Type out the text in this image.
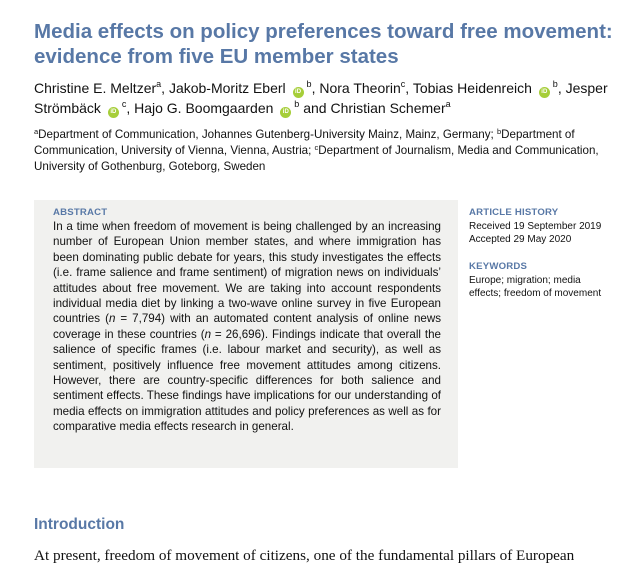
Media effects on policy preferences toward free movement: evidence from five EU member states
Christine E. Meltzer$^a$, Jakob-Moritz Eberl $iD^b$, Nora Theorin$^c$, Tobias Heidenreich $iD^b$, Jesper Strömbäck $iD^c$, Hajo G. Boomgaarden $iD^b$ and Christian Schemer$^a$
$^a$Department of Communication, Johannes Gutenberg-University Mainz, Mainz, Germany; $^b$Department of Communication, University of Vienna, Vienna, Austria; $^c$Department of Journalism, Media and Communication, University of Gothenburg, Goteborg, Sweden
ABSTRACT

In a time when freedom of movement is being challenged by an increasing number of European Union member states, and where immigration has been dominating public debate for years, this study investigates the effects (i.e. frame salience and frame sentiment) of migration news on individuals’ attitudes about free movement. We are taking into account respondents individual media diet by linking a two-wave online survey in five European countries (n = 7,794) with an automated content analysis of online news coverage in these countries (n = 26,696). Findings indicate that overall the salience of specific frames (i.e. labour market and security), as well as sentiment, positively influence free movement attitudes among citizens. However, there are country-specific differences for both salience and sentiment effects. These findings have implications for our understanding of media effects on immigration attitudes and policy preferences as well as for comparative media effects research in general.

ARTICLE HISTORY
Received 19 September 2019
Accepted 29 May 2020
KEYWORDS
Europe; migration; media effects; freedom of movement
Introduction

At present, freedom of movement of citizens, one of the fundamental pillars of European
